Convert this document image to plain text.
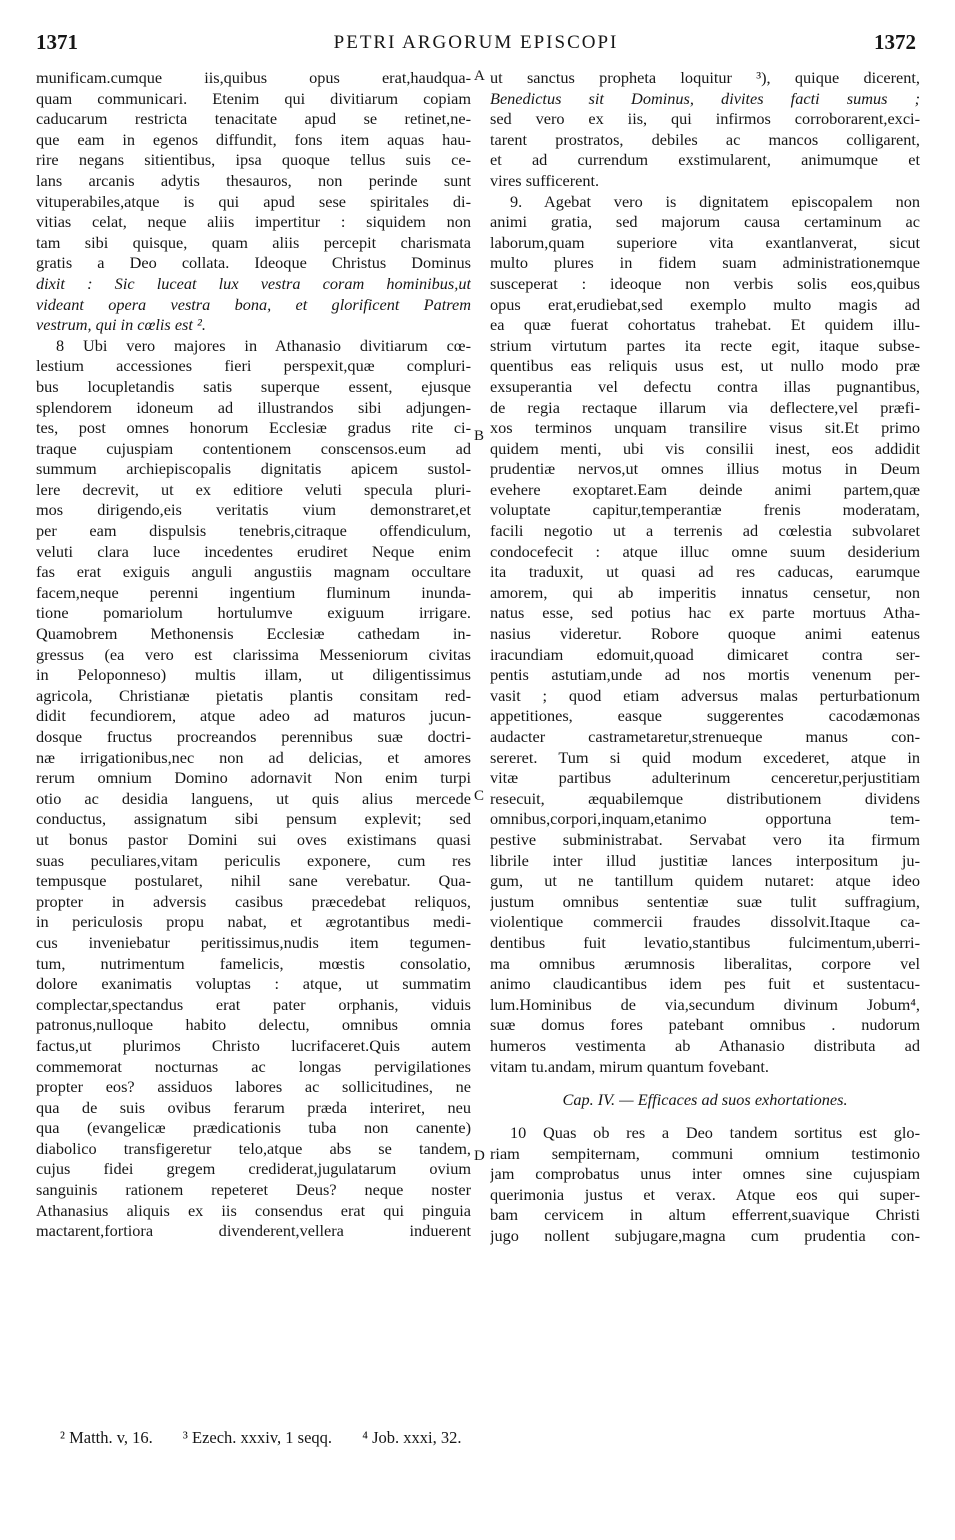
1371	PETRI ARGORUM EPISCOPI	1372
A
B
C
D
munificam.cumque iis,quibus opus erat,haudqua-
quam communicari. Etenim qui divitiarum copiam
caducarum restricta tenacitate apud se retinet,ne-
que eam in egenos diffundit, fons item aquas hau-
rire negans sitientibus, ipsa quoque tellus suis ce-
lans arcanis adytis thesauros, non perinde sunt
vituperabiles,atque is qui apud sese spiritales di-
vitias celat, neque aliis impertitur : siquidem non
tam sibi quisque, quam aliis percepit charismata
gratis a Deo collata. Ideoque Christus Dominus
dixit : Sic luceat lux vestra coram hominibus,ut
videant opera vestra bona, et glorificent Patrem
vestrum, qui in cœlis est ².
8 Ubi vero majores in Athanasio divitiarum cœ-
lestium accessiones fieri perspexit,quæ compluri-
bus locupletandis satis superque essent, ejusque
splendorem idoneum ad illustrandos sibi adjungen-
tes, post omnes honorum Ecclesiæ gradus rite ci-
traque cujuspiam contentionem conscensos.eum ad
summum archiepiscopalis dignitatis apicem sustol-
lere decrevit, ut ex editiore veluti specula pluri-
mos dirigendo,eis veritatis vium demonstraret,et
per eam dispulsis tenebris,citraque offendiculum,
veluti clara luce incedentes erudiret Neque enim
fas erat exiguis anguli angustiis magnam occultare
facem,neque perenni ingentium fluminum inunda-
tione pomariolum hortulumve exiguum irrigare.
Quamobrem Methonensis Ecclesiæ cathedam in-
gressus (ea vero est clarissima Messeniorum civitas
in Peloponneso) multis illam, ut diligentissimus
agricola, Christianæ pietatis plantis consitam red-
didit fecundiorem, atque adeo ad maturos jucun-
dosque fructus procreandos perennibus suæ doctri-
næ irrigationibus,nec non ad delicias, et amores
rerum omnium Domino adornavit Non enim turpi
otio ac desidia languens, ut quis alius mercede
conductus, assignatum sibi pensum explevit; sed
ut bonus pastor Domini sui oves existimans quasi
suas peculiares,vitam periculis exponere, cum res
tempusque postularet, nihil sane verebatur. Qua-
propter in adversis casibus præcedebat reliquos,
in periculosis propu nabat, et ægrotantibus medi-
cus inveniebatur peritissimus,nudis item tegumen-
tum, nutrimentum famelicis, mœstis consolatio,
dolore exanimatis voluptas : atque, ut summatim
complectar,spectandus erat pater orphanis, viduis
patronus,nulloque habito delectu, omnibus omnia
factus,ut plurimos Christo lucrifaceret.Quis autem
commemorat nocturnas ac longas pervigilationes
propter eos? assiduos labores ac sollicitudines, ne
qua de suis ovibus ferarum præda interiret, neu
qua (evangelicæ prædicationis tuba non canente)
diabolico transfigeretur telo,atque abs se tandem,
cujus fidei gregem crediderat,jugulatarum ovium
sanguinis rationem repeteret Deus? neque noster
Athanasius aliquis ex iis consendus erat qui pinguia
mactarent,fortiora divenderent,vellera induerent
ut sanctus propheta loquitur ³), quique dicerent,
Benedictus sit Dominus, divites facti sumus ;
sed vero ex iis, qui infirmos corroborarent,exci-
tarent prostratos, debiles ac mancos colligarent,
et ad currendum exstimularent, animumque et
vires sufficerent.
9. Agebat vero is dignitatem episcopalem non
animi gratia, sed majorum causa certaminum ac
laborum,quam superiore vita exantlanverat, sicut
multo plures in fidem suam administrationemque
susceperat : ideoque non verbis solis eos,quibus
opus erat,erudiebat,sed exemplo multo magis ad
ea quæ fuerat cohortatus trahebat. Et quidem illu-
strium virtutum partes ita recte egit, itaque subse-
quentibus eas reliquis usus est, ut nullo modo præ
exsuperantia vel defectu contra illas pugnantibus,
de regia rectaque illarum via deflectere,vel præfi-
xos terminos unquam transilire visus sit.Et primo
quidem menti, ubi vis consilii inest, eos addidit
prudentiæ nervos,ut omnes illius motus in Deum
evehere exoptaret.Eam deinde animi partem,quæ
voluptate capitur,temperantiæ frenis moderatam,
facili negotio ut a terrenis ad cœlestia subvolaret
condocefecit : atque illuc omne suum desiderium
ita traduxit, ut quasi ad res caducas, earumque
amorem, qui ab imperitis innatus censetur, non
natus esse, sed potius hac ex parte mortuus Atha-
nasius videretur. Robore quoque animi eatenus
iracundiam edomuit,quoad dimicaret contra ser-
pentis astutiam,unde ad nos mortis venenum per-
vasit ; quod etiam adversus malas perturbationum
appetitiones, easque suggerentes cacodæmonas
audacter castrametaretur,strenueque manus con-
sereret. Tum si quid modum excederet, atque in
vitæ partibus adulterinum cenceretur,perjustitiam
resecuit, æquabilemque distributionem dividens
omnibus,corpori,inquam,etanimo opportuna tem-
pestive subministrabat. Servabat vero ita firmum
librile inter illud justitiæ lances interpositum ju-
gum, ut ne tantillum quidem nutaret: atque ideo
justum omnibus sententiæ suæ tulit suffragium,
violentique commercii fraudes dissolvit.Itaque ca-
dentibus fuit levatio,stantibus fulcimentum,uberri-
ma omnibus ærumnosis liberalitas, corpore vel
animo claudicantibus idem pes fuit et sustentacu-
lum.Hominibus de via,secundum divinum Jobum⁴,
suæ domus fores patebant omnibus . nudorum
humeros vestimenta ab Athanasio distributa ad
vitam tu.andam, mirum quantum fovebant.
Cap. IV. — Efficaces ad suos exhortationes.
10 Quas ob res a Deo tandem sortitus est glo-
riam sempiternam, communi omnium testimonio
jam comprobatus unus inter omnes sine cujuspiam
querimonia justus et verax. Atque eos qui super-
bam cervicem in altum efferrent,suavique Christi
jugo nollent subjugare,magna cum prudentia con-
² Matth. v, 16. ³ Ezech. xxxiv, 1 seqq. ⁴ Job. xxxi, 32.
